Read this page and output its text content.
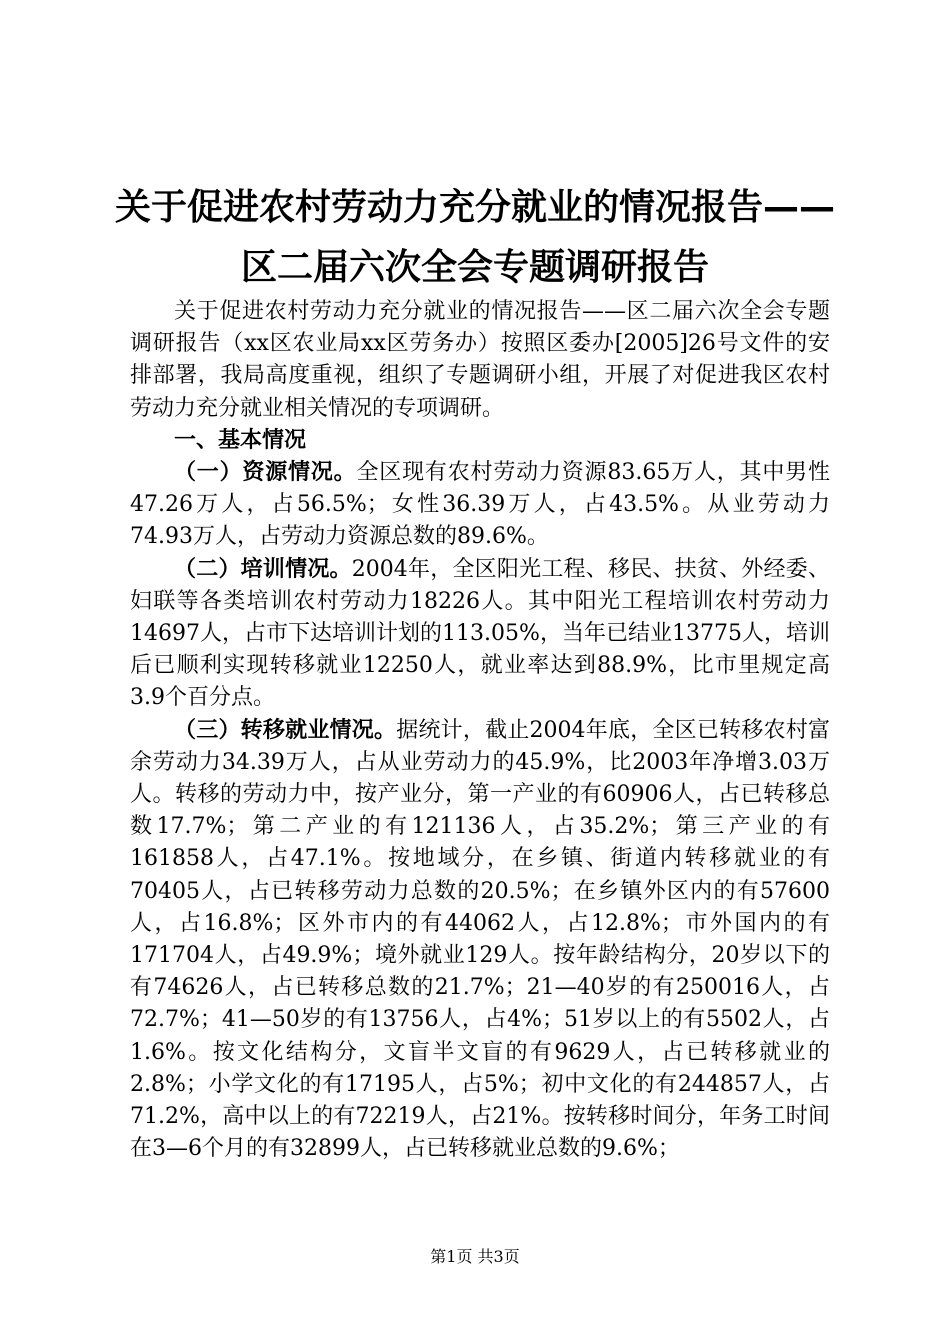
关于促进农村劳动力充分就业的情况报告——
区二届六次全会专题调研报告

关于促进农村劳动力充分就业的情况报告——区二届六次全会专题调研报告（xx区农业局xx区劳务办）按照区委办[2005]26号文件的安排部署，我局高度重视，组织了专题调研小组，开展了对促进我区农村劳动力充分就业相关情况的专项调研。

一、基本情况

（一）资源情况。全区现有农村劳动力资源83.65万人，其中男性47.26万人，占56.5%；女性36.39万人，占43.5%。从业劳动力74.93万人，占劳动力资源总数的89.6%。

（二）培训情况。2004年，全区阳光工程、移民、扶贫、外经委、妇联等各类培训农村劳动力18226人。其中阳光工程培训农村劳动力14697人，占市下达培训计划的113.05%，当年已结业13775人，培训后已顺利实现转移就业12250人，就业率达到88.9%，比市里规定高3.9个百分点。

（三）转移就业情况。据统计，截止2004年底，全区已转移农村富余劳动力34.39万人，占从业劳动力的45.9%，比2003年净增3.03万人。转移的劳动力中，按产业分，第一产业的有60906人，占已转移总数17.7%；第二产业的有121136人，占35.2%；第三产业的有161858人，占47.1%。按地域分，在乡镇、街道内转移就业的有70405人，占已转移劳动力总数的20.5%；在乡镇外区内的有57600人，占16.8%；区外市内的有44062人，占12.8%；市外国内的有171704人，占49.9%；境外就业129人。按年龄结构分，20岁以下的有74626人，占已转移总数的21.7%；21—40岁的有250016人，占72.7%；41—50岁的有13756人，占4%；51岁以上的有5502人，占1.6%。按文化结构分，文盲半文盲的有9629人，占已转移就业的2.8%；小学文化的有17195人，占5%；初中文化的有244857人，占71.2%，高中以上的有72219人，占21%。按转移时间分，年务工时间在3—6个月的有32899人，占已转移就业总数的9.6%；

第1页 共3页
